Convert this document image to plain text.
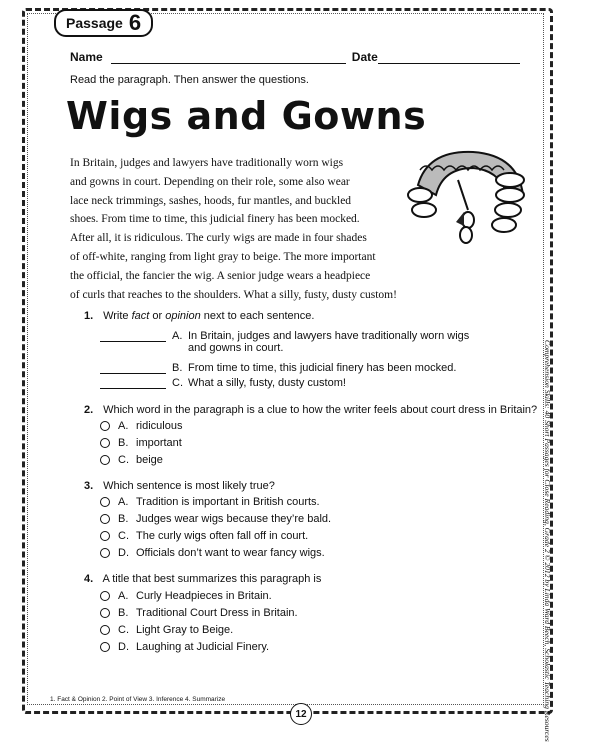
Passage 6
Name	Date
Read the paragraph. Then answer the questions.
Wigs and Gowns
In Britain, judges and lawyers have traditionally worn wigs
and gowns in court. Depending on their role, some also wear
lace neck trimmings, sashes, hoods, fur mantles, and buckled
shoes. From time to time, this judicial finery has been mocked.
After all, it is ridiculous. The curly wigs are made in four shades
of off-white, ranging from light gray to beige. The more important
the official, the fancier the wig. A senior judge wears a headpiece
of curls that reaches to the shoulders. What a silly, fusty, dusty custom!
1. Write fact or opinion next to each sentence.
A. In Britain, judges and lawyers have traditionally worn wigs
and gowns in court.
B. From time to time, this judicial finery has been mocked.
C. What a silly, fusty, dusty custom!
2. Which word in the paragraph is a clue to how the writer feels about court dress in Britain?
A. ridiculous
B. important
C. beige
3. Which sentence is most likely true?
A. Tradition is important in British courts.
B. Judges wear wigs because they’re bald.
C. The curly wigs often fall off in court.
D. Officials don’t want to wear fancy wigs.
4. A title that best summarizes this paragraph is
A. Curly Headpieces in Britain.
B. Traditional Court Dress in Britain.
C. Light Gray to Beige.
D. Laughing at Judicial Finery.	Comprehension Skills: 40 Short Passages for Close Reading, Grade 2 © 2012 by Linda Ward Beech, Scholastic Teaching Resources
1. Fact & Opinion 2. Point of View 3. Inference 4. Summarize
12
